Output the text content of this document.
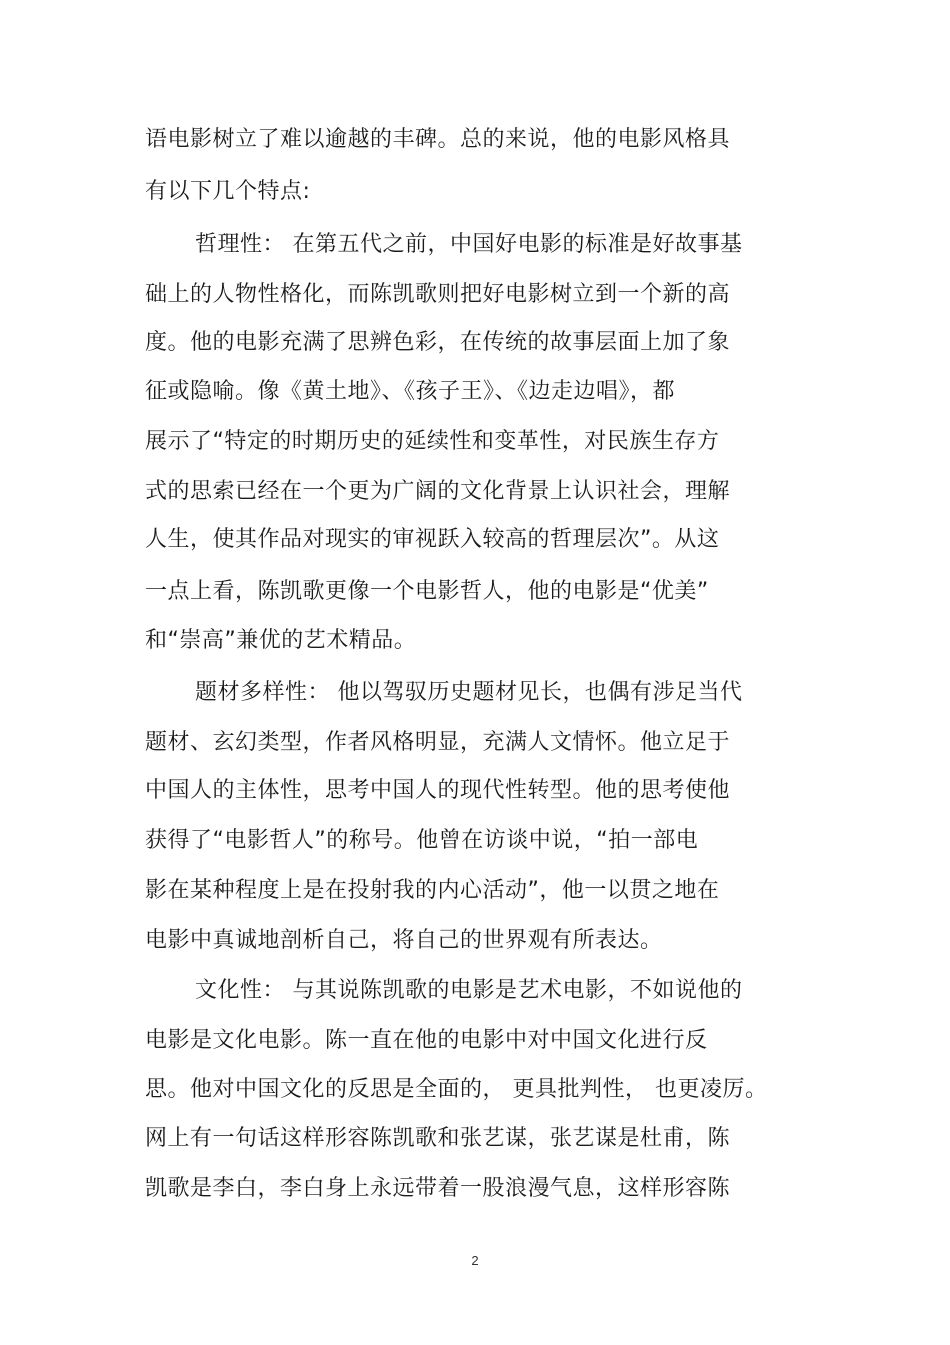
语电影树立了难以逾越的丰碑。总的来说，他的电影风格具
有以下几个特点:
哲理性： 在第五代之前，中国好电影的标准是好故事基
础上的人物性格化，而陈凯歌则把好电影树立到一个新的高
度。他的电影充满了思辨色彩，在传统的故事层面上加了象
征或隐喻。像《黄土地》、《孩子王》、《边走边唱》，都
展示了“特定的时期历史的延续性和变革性，对民族生存方
式的思索已经在一个更为广阔的文化背景上认识社会，理解
人生，使其作品对现实的审视跃入较高的哲理层次”。从这
一点上看，陈凯歌更像一个电影哲人，他的电影是“优美”
和“崇高”兼优的艺术精品。
题材多样性： 他以驾驭历史题材见长，也偶有涉足当代
题材、玄幻类型，作者风格明显，充满人文情怀。他立足于
中国人的主体性，思考中国人的现代性转型。他的思考使他
获得了“电影哲人”的称号。他曾在访谈中说，“拍一部电
影在某种程度上是在投射我的内心活动”，他一以贯之地在
电影中真诚地剖析自己，将自己的世界观有所表达。
文化性： 与其说陈凯歌的电影是艺术电影，不如说他的
电影是文化电影。陈一直在他的电影中对中国文化进行反
思。他对中国文化的反思是全面的， 更具批判性， 也更凌厉。
网上有一句话这样形容陈凯歌和张艺谋，张艺谋是杜甫，陈
凯歌是李白，李白身上永远带着一股浪漫气息，这样形容陈
2
